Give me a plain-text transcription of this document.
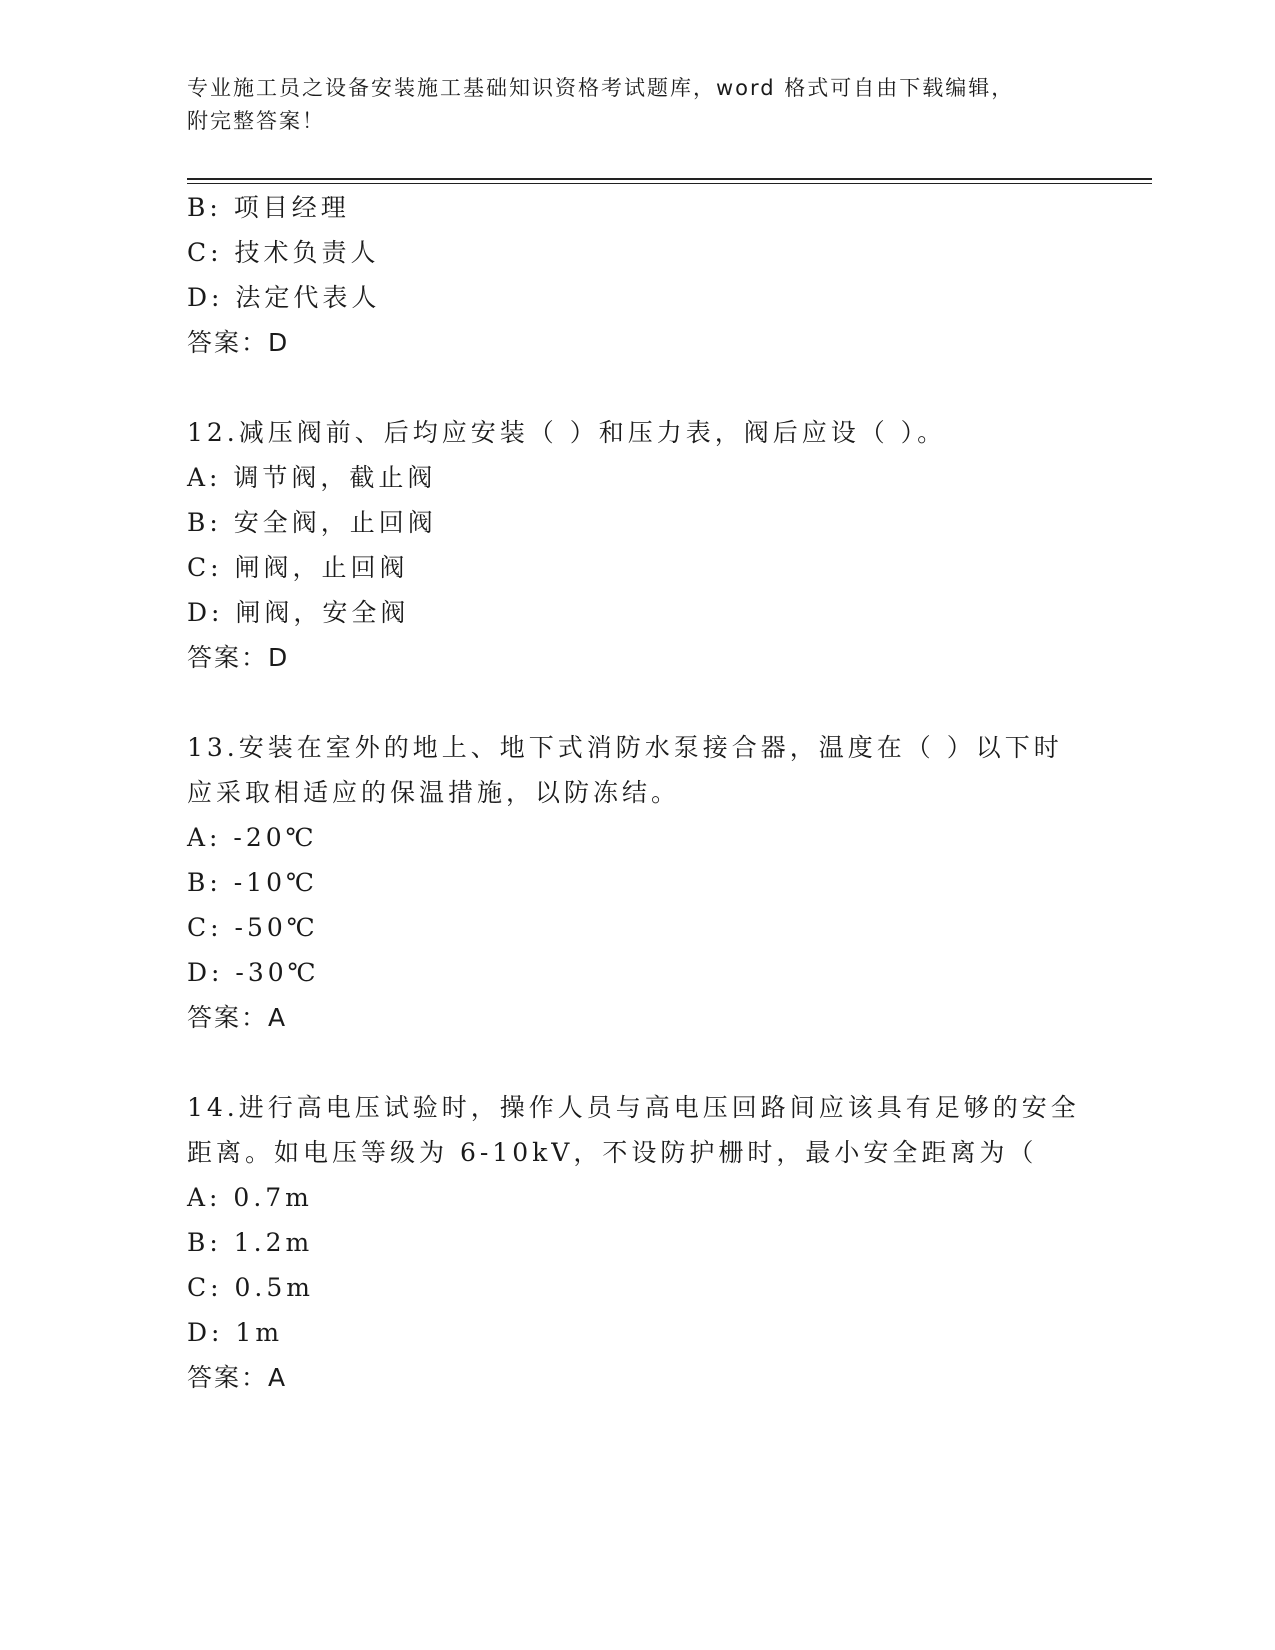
专业施工员之设备安装施工基础知识资格考试题库，word 格式可自由下载编辑，
附完整答案！
B: 项目经理
C: 技术负责人
D: 法定代表人
答案：D
12.减压阀前、后均应安装（ ）和压力表，阀后应设（ ）。
A: 调节阀，截止阀
B: 安全阀，止回阀
C: 闸阀，止回阀
D: 闸阀，安全阀
答案：D
13.安装在室外的地上、地下式消防水泵接合器，温度在（ ）以下时
应采取相适应的保温措施，以防冻结。
A: -20℃
B: -10℃
C: -50℃
D: -30℃
答案：A
14.进行高电压试验时，操作人员与高电压回路间应该具有足够的安全
距离。如电压等级为 6-10kV，不设防护栅时，最小安全距离为（
A: 0.7m
B: 1.2m
C: 0.5m
D: 1m
答案：A
